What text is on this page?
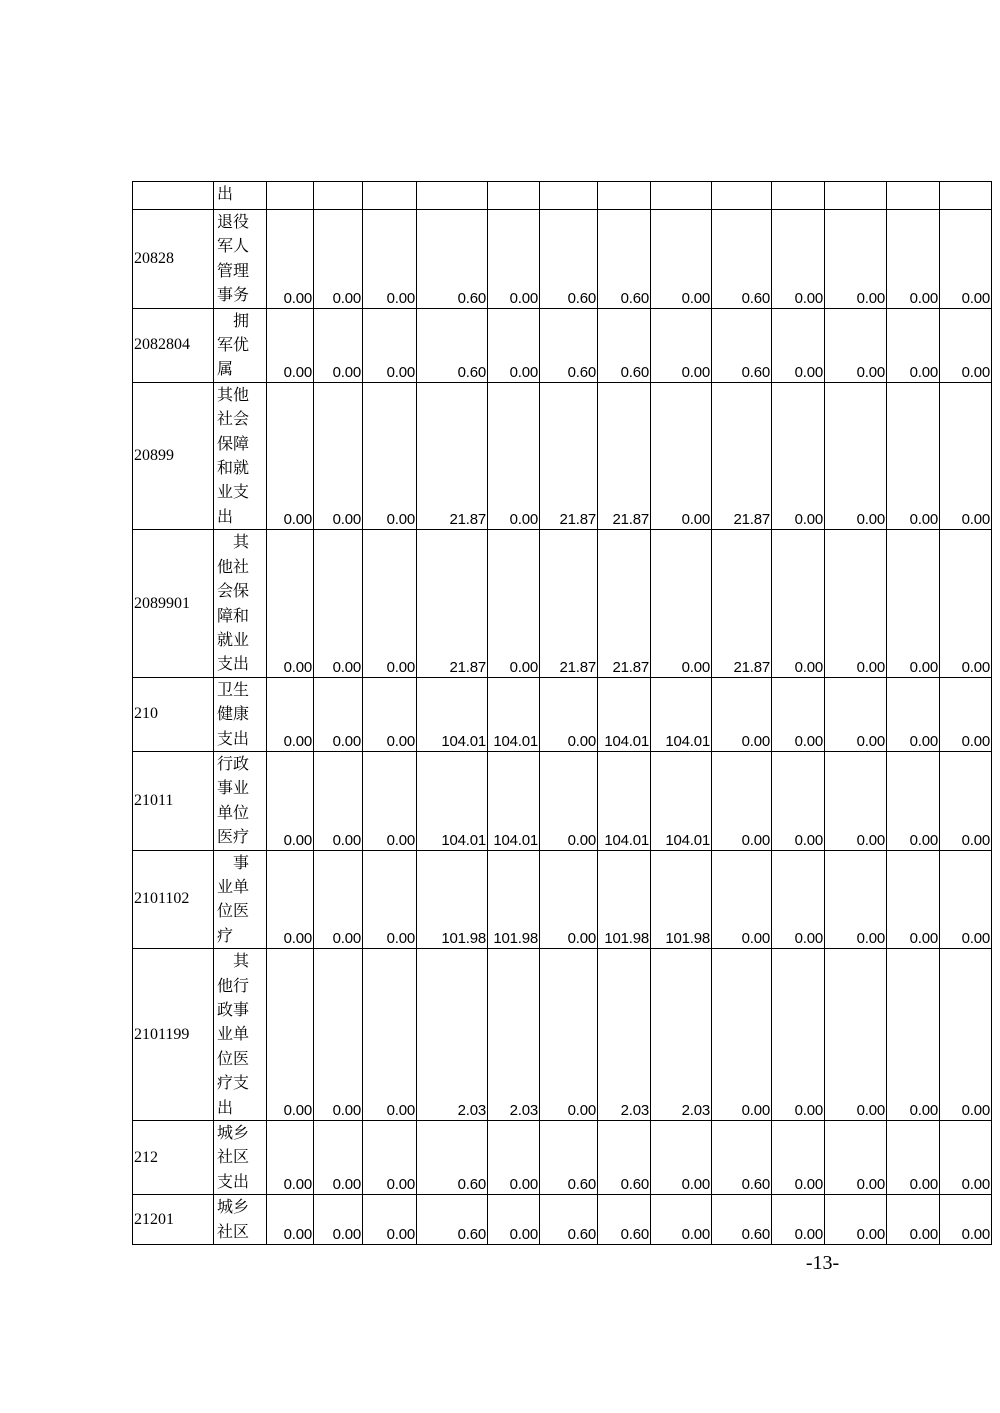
	出													
20828	退役军人管理事务	0.00	0.00	0.00	0.60	0.00	0.60	0.60	0.00	0.60	0.00	0.00	0.00	0.00
2082804	拥军优属	0.00	0.00	0.00	0.60	0.00	0.60	0.60	0.00	0.60	0.00	0.00	0.00	0.00
20899	其他社会保障和就业支出	0.00	0.00	0.00	21.87	0.00	21.87	21.87	0.00	21.87	0.00	0.00	0.00	0.00
2089901	其他社会保障和就业支出	0.00	0.00	0.00	21.87	0.00	21.87	21.87	0.00	21.87	0.00	0.00	0.00	0.00
210	卫生健康支出	0.00	0.00	0.00	104.01	104.01	0.00	104.01	104.01	0.00	0.00	0.00	0.00	0.00
21011	行政事业单位医疗	0.00	0.00	0.00	104.01	104.01	0.00	104.01	104.01	0.00	0.00	0.00	0.00	0.00
2101102	事业单位医疗	0.00	0.00	0.00	101.98	101.98	0.00	101.98	101.98	0.00	0.00	0.00	0.00	0.00
2101199	其他行政事业单位医疗支出	0.00	0.00	0.00	2.03	2.03	0.00	2.03	2.03	0.00	0.00	0.00	0.00	0.00
212	城乡社区支出	0.00	0.00	0.00	0.60	0.00	0.60	0.60	0.00	0.60	0.00	0.00	0.00	0.00
21201	城乡社区	0.00	0.00	0.00	0.60	0.00	0.60	0.60	0.00	0.60	0.00	0.00	0.00	0.00
-13-
